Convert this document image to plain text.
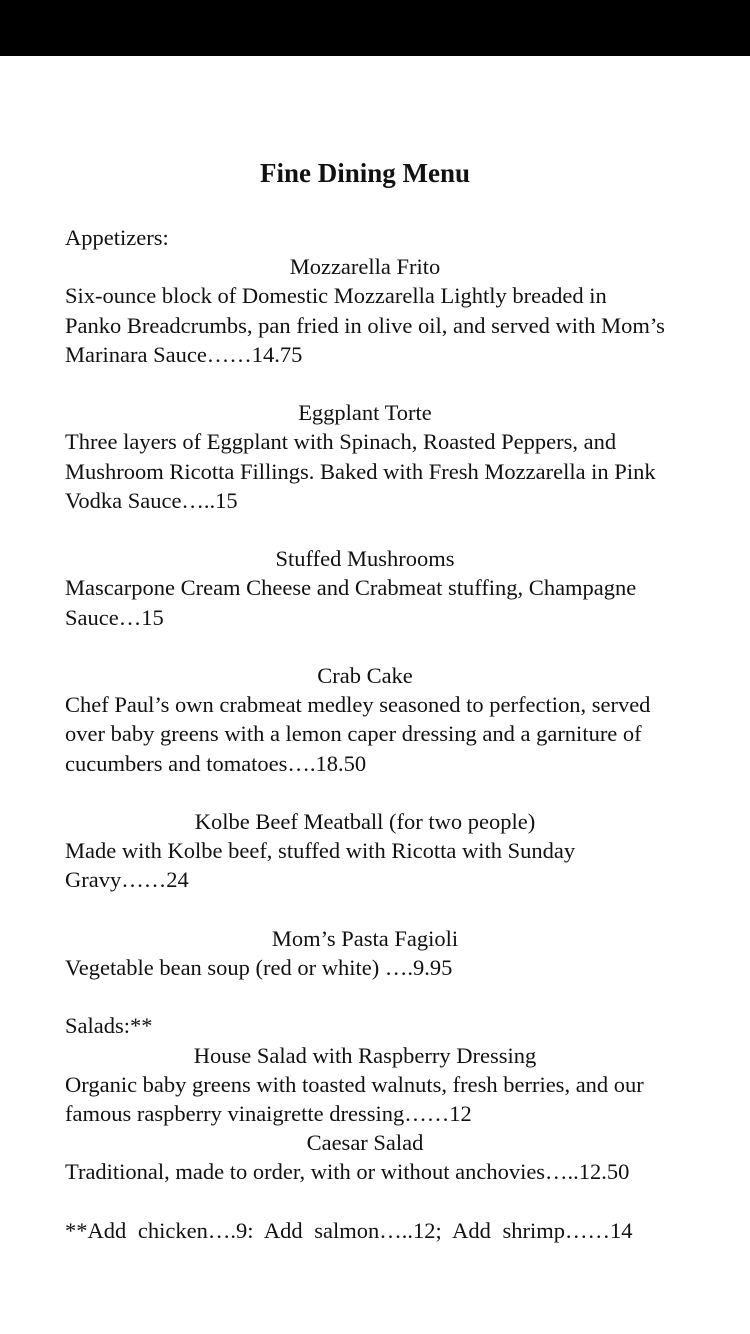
Fine Dining Menu
Appetizers:
Mozzarella Frito
Six-ounce block of Domestic Mozzarella Lightly breaded in Panko Breadcrumbs, pan fried in olive oil, and served with Mom’s Marinara Sauce……14.75
Eggplant Torte
Three layers of Eggplant with Spinach, Roasted Peppers, and Mushroom Ricotta Fillings. Baked with Fresh Mozzarella in Pink Vodka Sauce…..15
Stuffed Mushrooms
Mascarpone Cream Cheese and Crabmeat stuffing, Champagne Sauce…15
Crab Cake
Chef Paul’s own crabmeat medley seasoned to perfection, served over baby greens with a lemon caper dressing and a garniture of cucumbers and tomatoes….18.50
Kolbe Beef Meatball (for two people)
Made with Kolbe beef, stuffed with Ricotta with Sunday Gravy……24
Mom’s Pasta Fagioli
Vegetable bean soup (red or white) ….9.95
Salads:**
House Salad with Raspberry Dressing
Organic baby greens with toasted walnuts, fresh berries, and our famous raspberry vinaigrette dressing……12
Caesar Salad
Traditional, made to order, with or without anchovies…..12.50
**Add chicken….9: Add salmon…..12; Add shrimp……14
